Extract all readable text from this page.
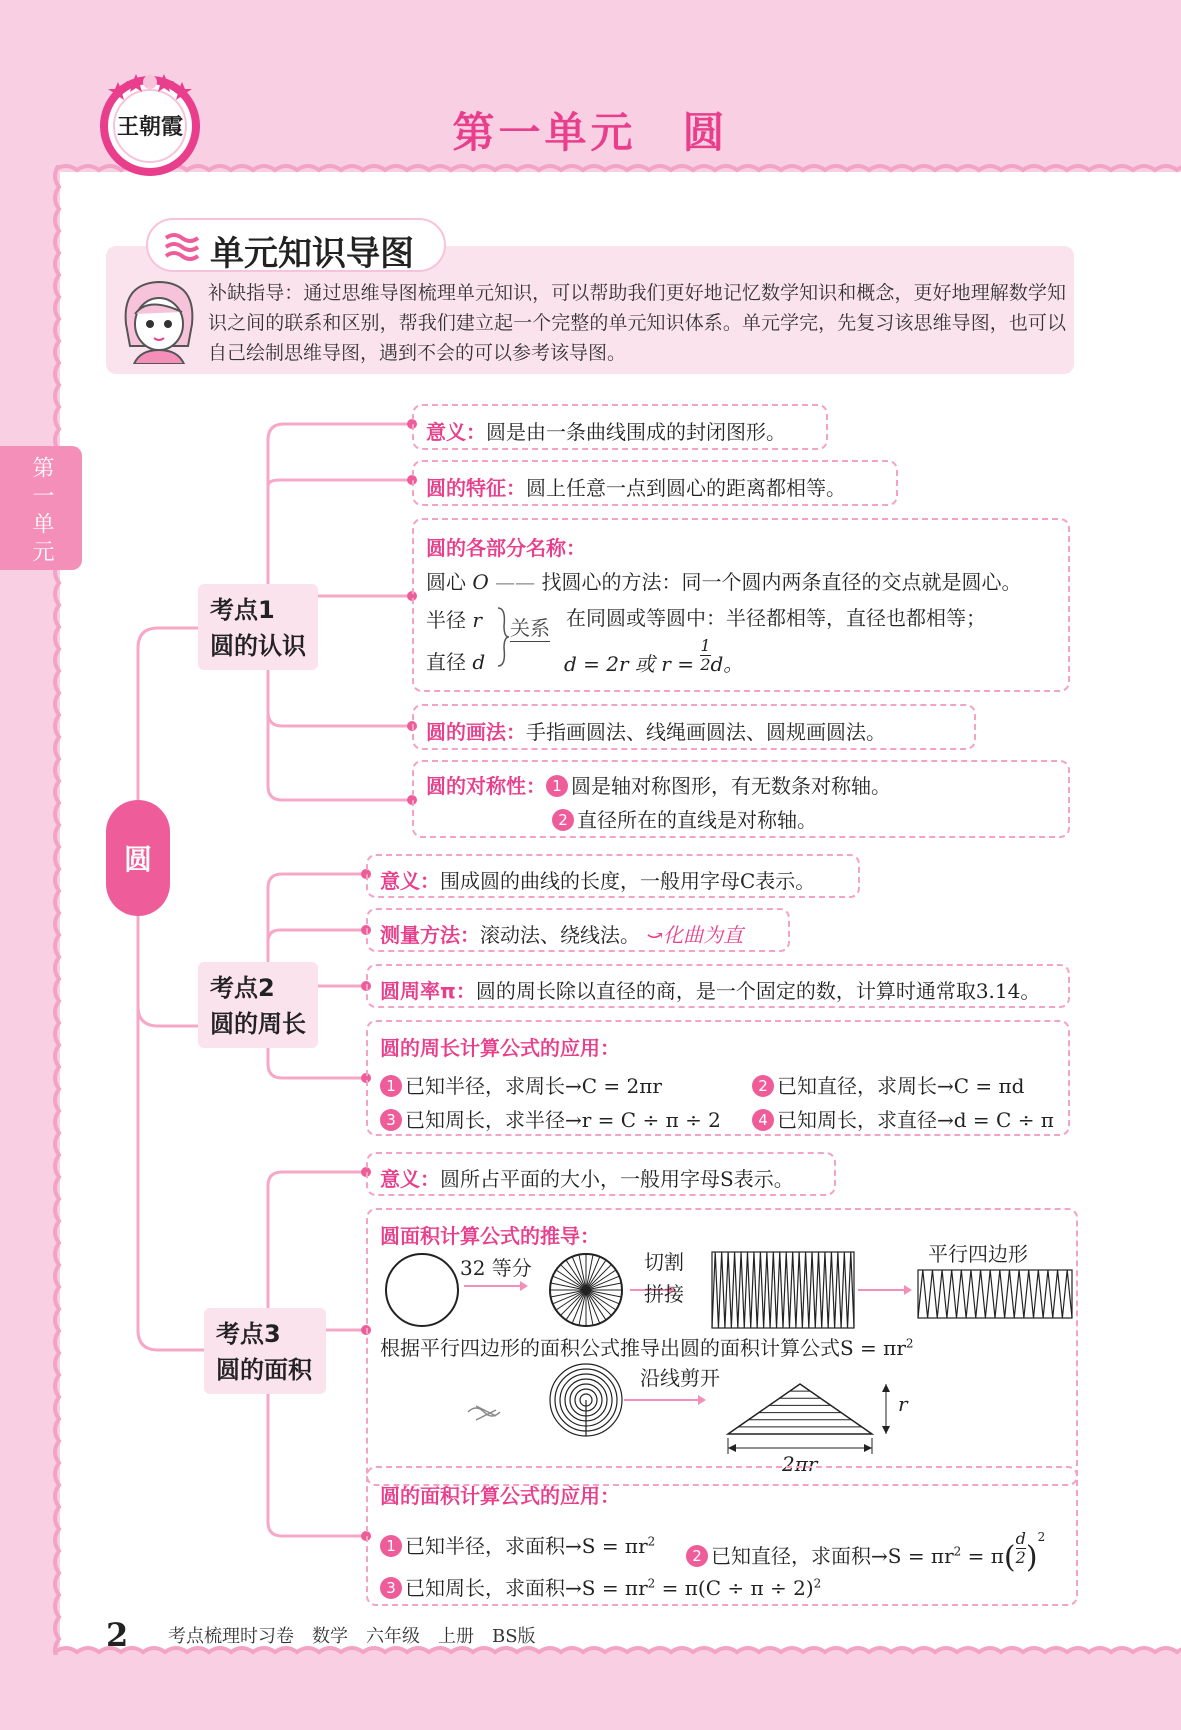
王朝霞	第一单元　圆
第一单元
单元知识导图
补缺指导：通过思维导图梳理单元知识，可以帮助我们更好地记忆数学知识和概念，更好地理解数学知识之间的联系和区别，帮我们建立起一个完整的单元知识体系。单元学完，先复习该思维导图，也可以自己绘制思维导图，遇到不会的可以参考该导图。
圆
考点1
圆的认识
意义：圆是由一条曲线围成的封闭图形。
圆的特征：圆上任意一点到圆心的距离都相等。
圆的各部分名称：
圆心 O —— 找圆心的方法：同一个圆内两条直径的交点就是圆心。
半径 r
直径 d
关系 在同圆或等圆中：半径都相等，直径也都相等；
d = 2r 或 $r = \frac{1}{2}$ d。
圆的画法：手指画圆法、线绳画圆法、圆规画圆法。
圆的对称性： 1 圆是轴对称图形，有无数条对称轴。
2 直径所在的直线是对称轴。
考点2
圆的周长
意义：围成圆的曲线的长度，一般用字母C表示。
测量方法：滚动法、绕线法。 ⤻化曲为直
圆周率π：圆的周长除以直径的商，是一个固定的数，计算时通常取3.14。
圆的周长计算公式的应用：
1 已知半径，求周长→C = 2πr	2 已知直径，求周长→C = πd
3 已知周长，求半径→r = C ÷ π ÷ 2	4 已知周长，求直径→d = C ÷ π
考点3
圆的面积
意义：圆所占平面的大小，一般用字母S表示。
圆面积计算公式的推导：
32 等分	切割
拼接
平行四边形
根据平行四边形的面积公式推导出圆的面积计算公式$S = \pi r^2$
沿线剪开
r
2πr
圆的面积计算公式的应用：
1 已知半径，求面积$\to S = \pi r^2$
2 已知直径，求面积$\to S = \pi r^2 = \pi( \frac{d}{2} )^2$
3 已知周长，求面积$\to S = \pi r^2 = \pi(C \div \pi \div 2)^2$
2 考点梳理时习卷　数学　六年级　上册　BS版
